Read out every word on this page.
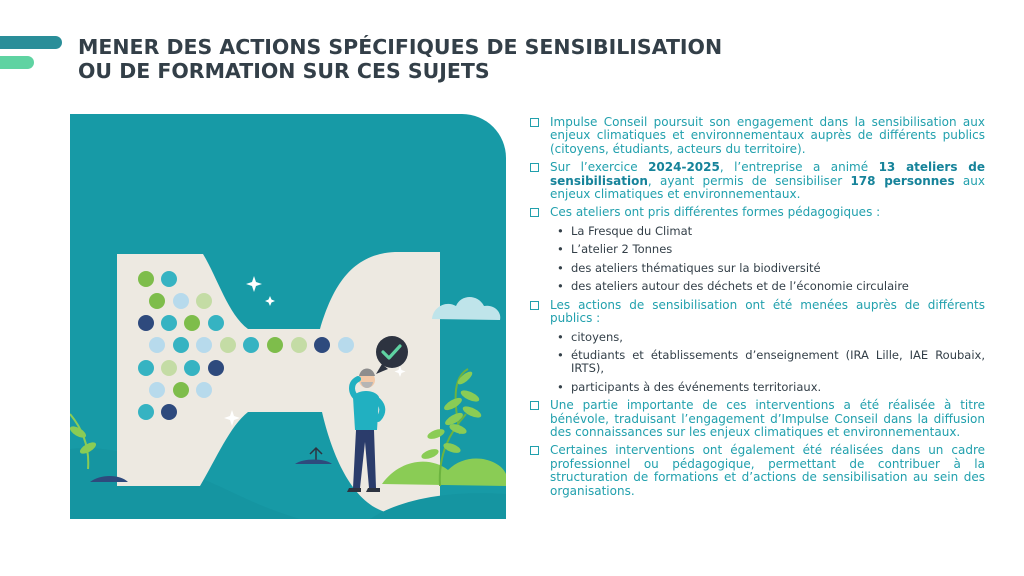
MENER DES ACTIONS SPÉCIFIQUES DE SENSIBILISATION
OU DE FORMATION SUR CES SUJETS
Impulse Conseil poursuit son engagement dans la sensibilisation aux enjeux climatiques et environnementaux auprès de différents publics (citoyens, étudiants, acteurs du territoire).
Sur l’exercice 2024-2025, l’entreprise a animé 13 ateliers de sensibilisation, ayant permis de sensibiliser 178 personnes aux enjeux climatiques et environnementaux.
Ces ateliers ont pris différentes formes pédagogiques :
• La Fresque du Climat
• L’atelier 2 Tonnes
• des ateliers thématiques sur la biodiversité
• des ateliers autour des déchets et de l’économie circulaire
Les actions de sensibilisation ont été menées auprès de différents publics :
• citoyens,
• étudiants et établissements d’enseignement (IRA Lille, IAE Roubaix, IRTS),
• participants à des événements territoriaux.
Une partie importante de ces interventions a été réalisée à titre bénévole, traduisant l’engagement d’Impulse Conseil dans la diffusion des connaissances sur les enjeux climatiques et environnementaux.
Certaines interventions ont également été réalisées dans un cadre professionnel ou pédagogique, permettant de contribuer à la structuration de formations et d’actions de sensibilisation au sein des organisations.
